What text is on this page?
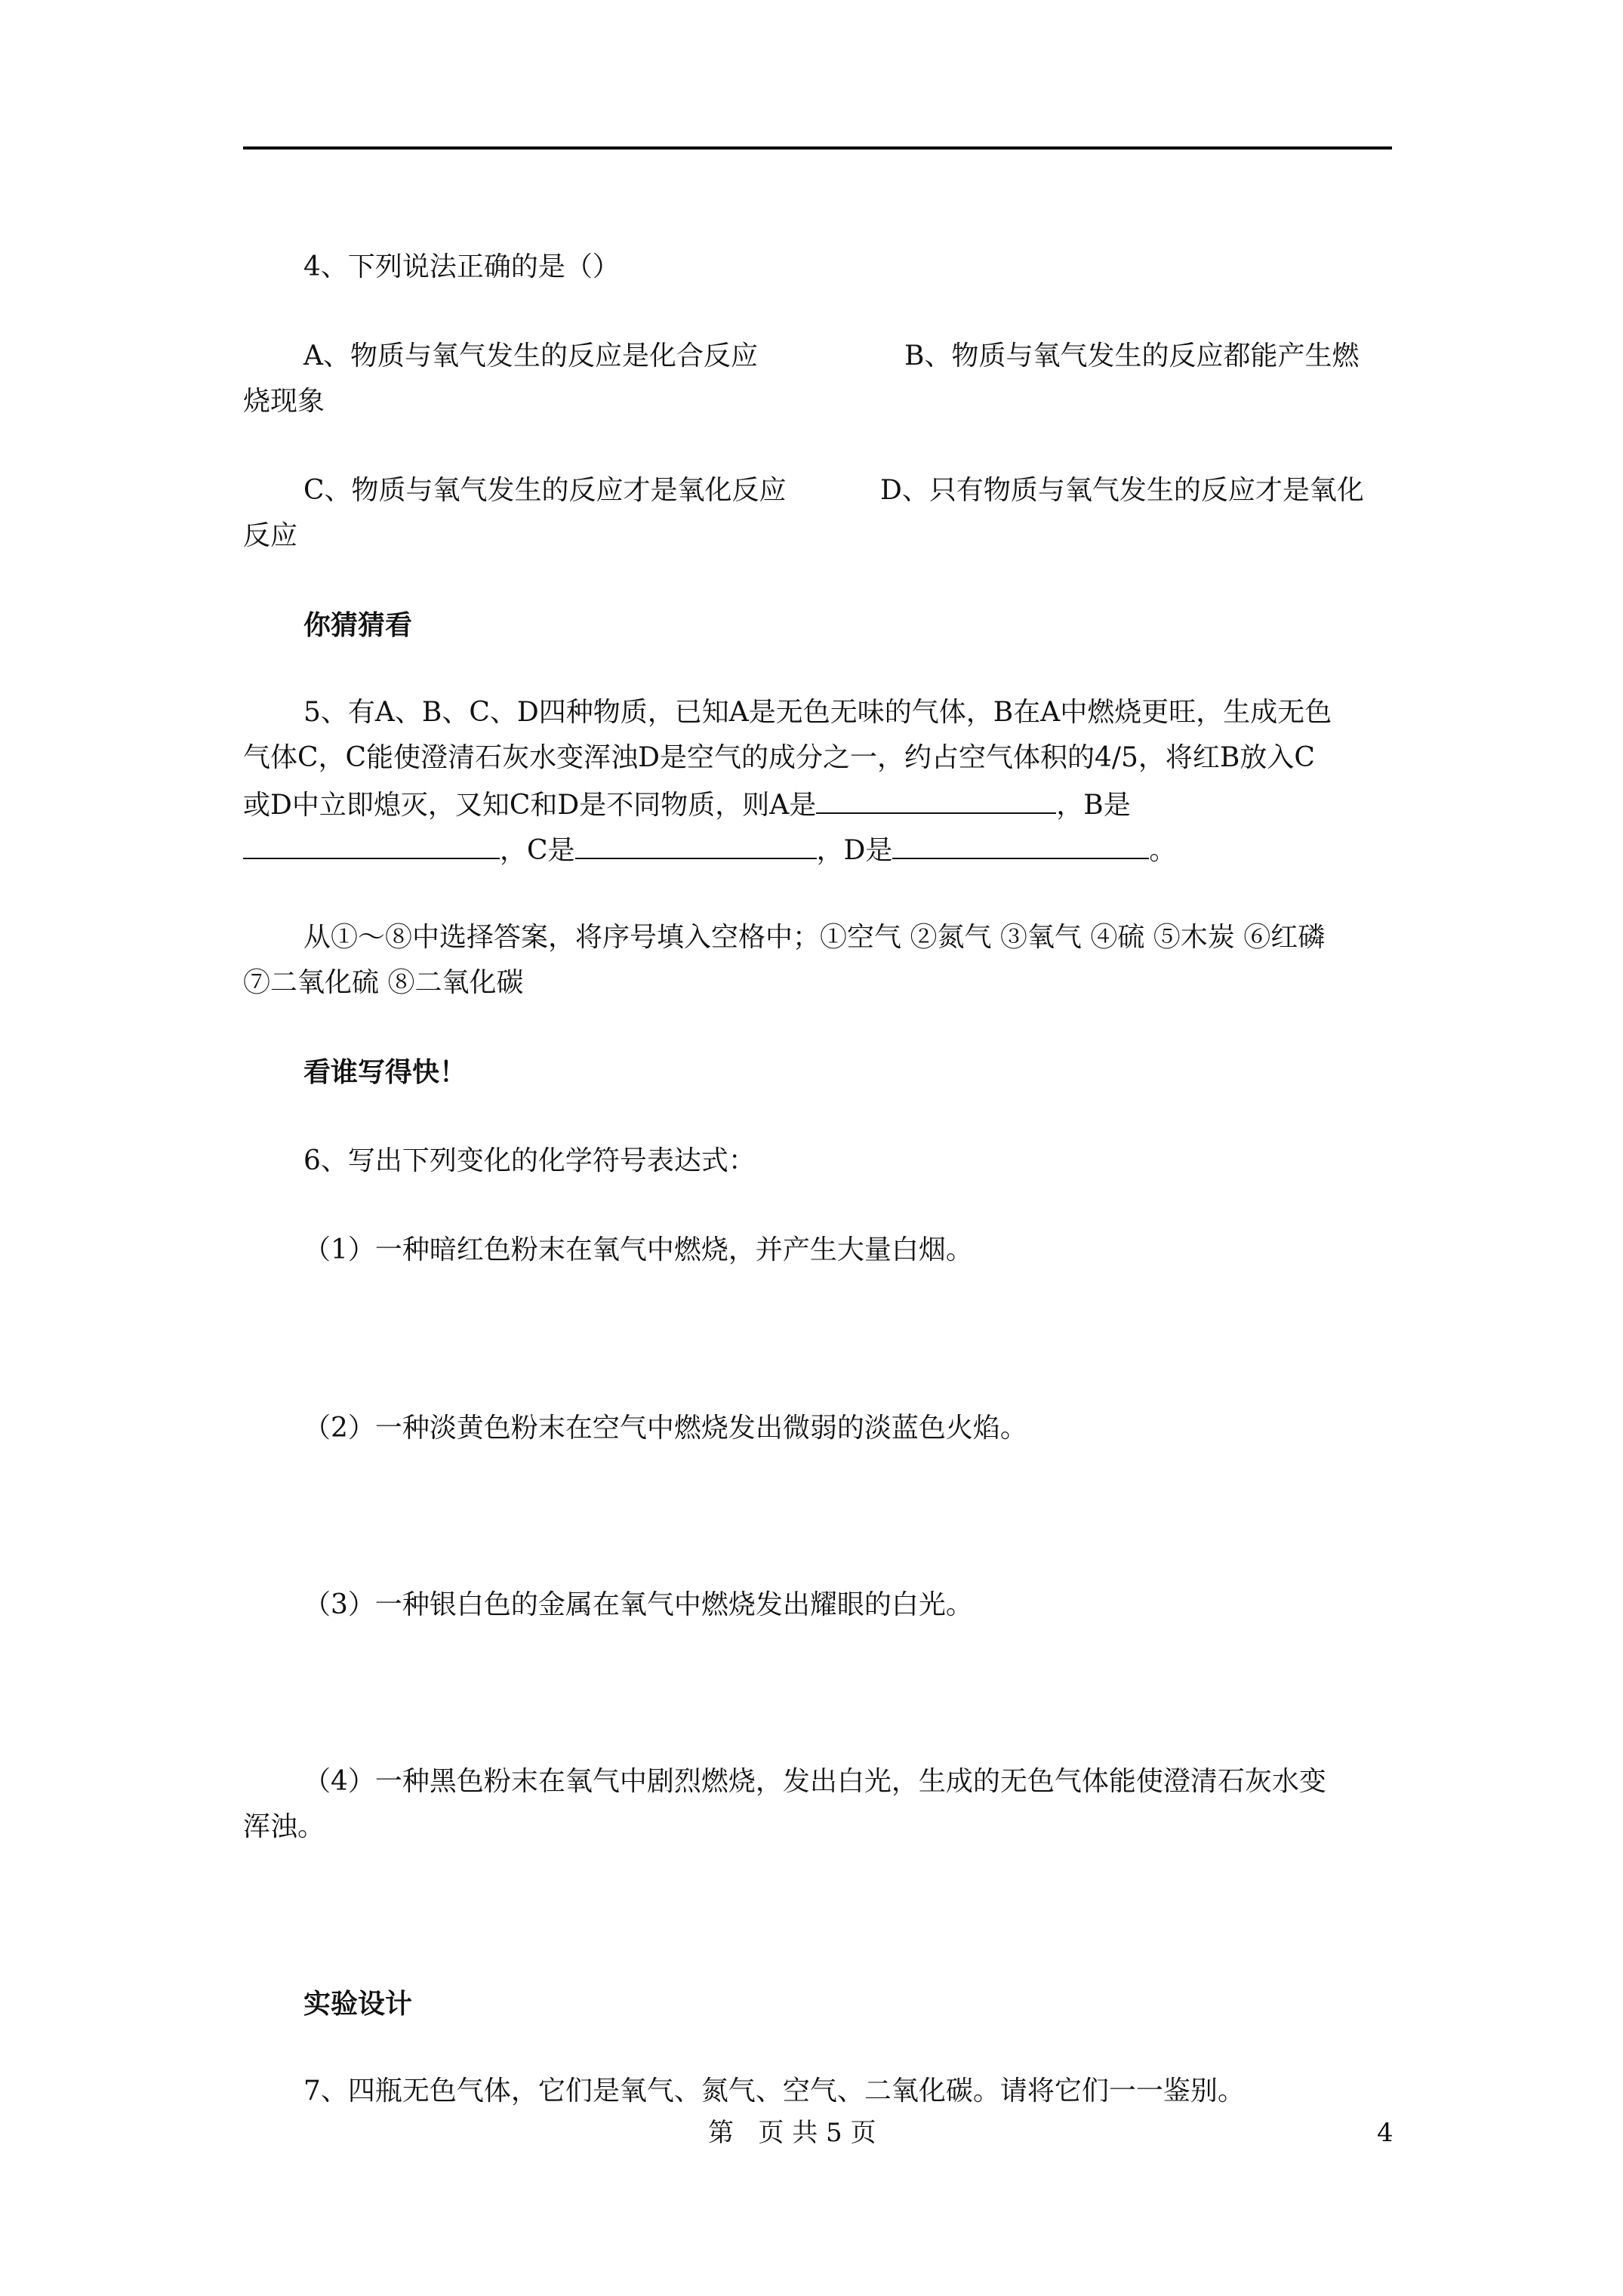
4、下列说法正确的是（）
A、物质与氧气发生的反应是化合反应	B、物质与氧气发生的反应都能产生燃
烧现象
C、物质与氧气发生的反应才是氧化反应	D、只有物质与氧气发生的反应才是氧化
反应
你猜猜看
5、有A、B、C、D四种物质，已知A是无色无味的气体，B在A中燃烧更旺，生成无色
气体C，C能使澄清石灰水变浑浊D是空气的成分之一，约占空气体积的4/5，将红B放入C
或D中立即熄灭，又知C和D是不同物质，则A是	，B是
，C是	，D是	。
从①～⑧中选择答案，将序号填入空格中；①空气 ②氮气 ③氧气 ④硫 ⑤木炭 ⑥红磷
⑦二氧化硫 ⑧二氧化碳
看谁写得快！
6、写出下列变化的化学符号表达式：
（1）一种暗红色粉末在氧气中燃烧，并产生大量白烟。
（2）一种淡黄色粉末在空气中燃烧发出微弱的淡蓝色火焰。
（3）一种银白色的金属在氧气中燃烧发出耀眼的白光。
（4）一种黑色粉末在氧气中剧烈燃烧，发出白光，生成的无色气体能使澄清石灰水变
浑浊。
实验设计
7、四瓶无色气体，它们是氧气、氮气、空气、二氧化碳。请将它们一一鉴别。
第   页 共 5 页	4
